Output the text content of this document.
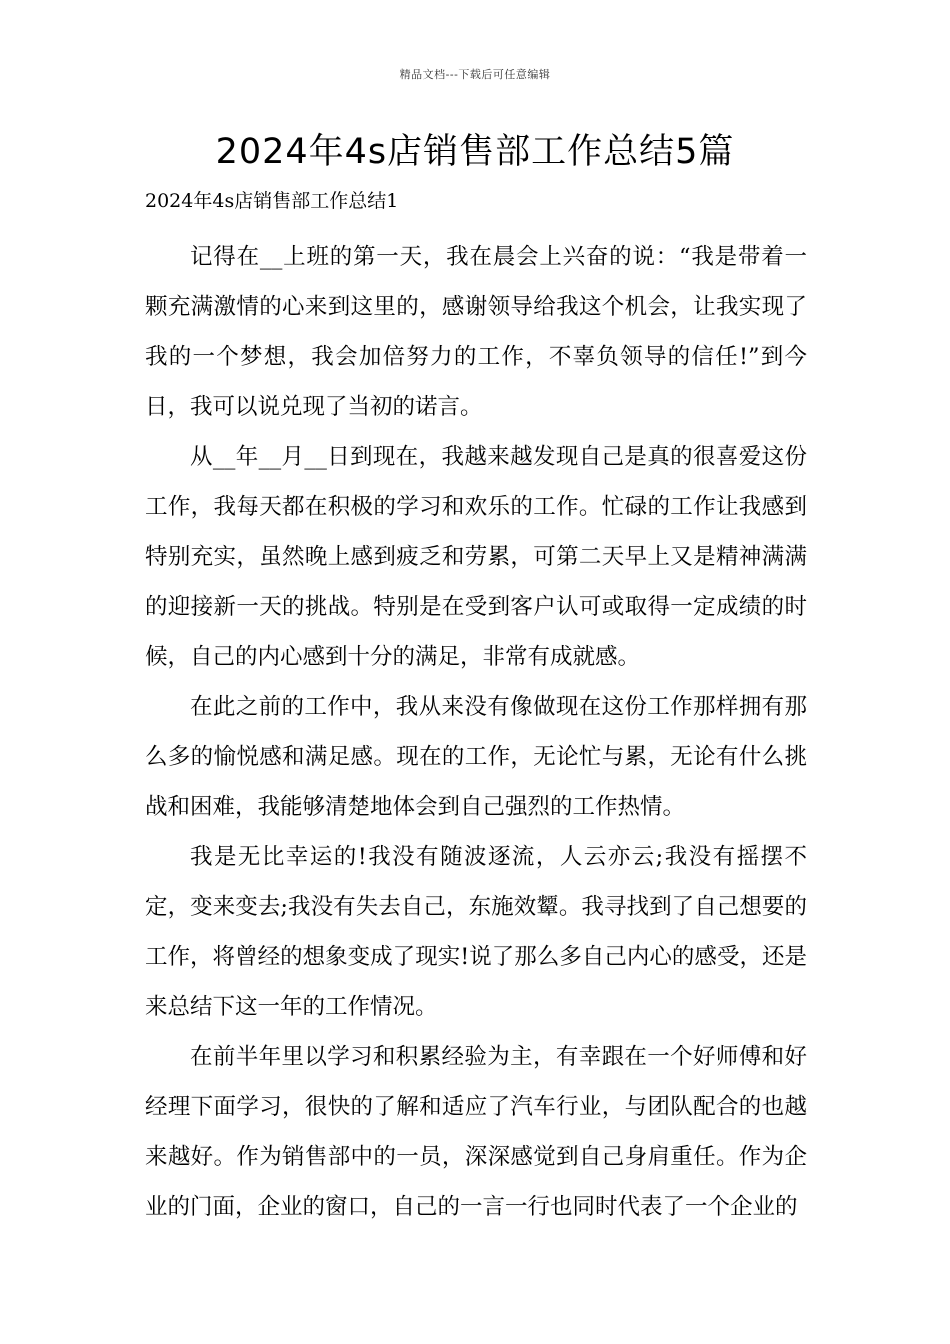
精品文档---下载后可任意编辑
2024年4s店销售部工作总结5篇
2024年4s店销售部工作总结1

记得在__上班的第一天，我在晨会上兴奋的说：“我是带着一颗充满激情的心来到这里的，感谢领导给我这个机会，让我实现了我的一个梦想，我会加倍努力的工作，不辜负领导的信任!”到今日，我可以说兑现了当初的诺言。

从__年__月__日到现在，我越来越发现自己是真的很喜爱这份工作，我每天都在积极的学习和欢乐的工作。忙碌的工作让我感到特别充实，虽然晚上感到疲乏和劳累，可第二天早上又是精神满满的迎接新一天的挑战。特别是在受到客户认可或取得一定成绩的时候，自己的内心感到十分的满足，非常有成就感。

在此之前的工作中，我从来没有像做现在这份工作那样拥有那么多的愉悦感和满足感。现在的工作，无论忙与累，无论有什么挑战和困难，我能够清楚地体会到自己强烈的工作热情。

我是无比幸运的!我没有随波逐流，人云亦云;我没有摇摆不定，变来变去;我没有失去自己，东施效颦。我寻找到了自己想要的工作，将曾经的想象变成了现实!说了那么多自己内心的感受，还是来总结下这一年的工作情况。

在前半年里以学习和积累经验为主，有幸跟在一个好师傅和好经理下面学习，很快的了解和适应了汽车行业，与团队配合的也越来越好。作为销售部中的一员，深深感觉到自己身肩重任。作为企业的门面，企业的窗口，自己的一言一行也同时代表了一个企业的
